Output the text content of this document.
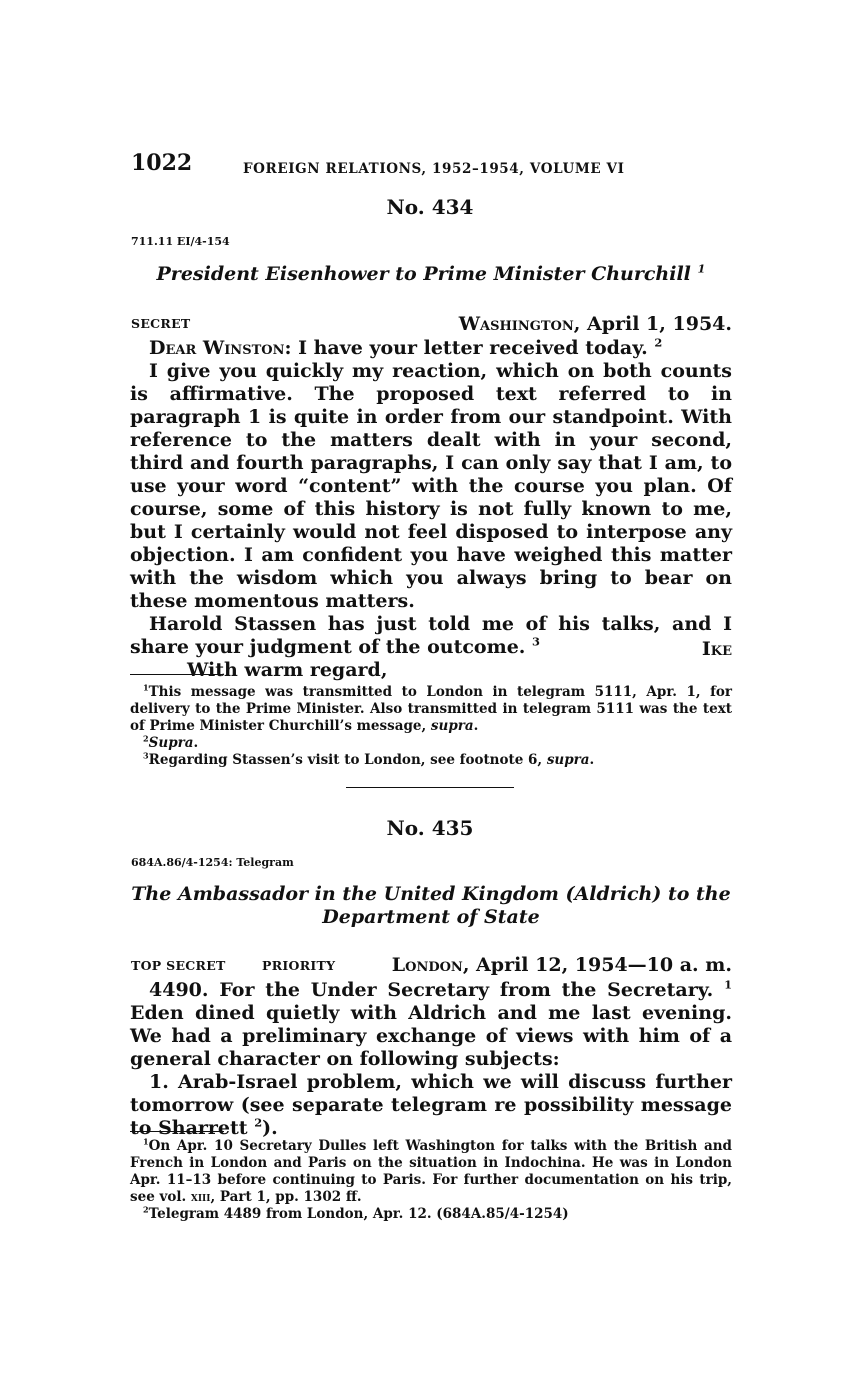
1022	FOREIGN RELATIONS, 1952–1954, VOLUME VI
No. 434
711.11 EI/4-154
President Eisenhower to Prime Minister Churchill $^1$
SECRET	Washington, April 1, 1954.

Dear Winston: I have your letter received today. $^2$

I give you quickly my reaction, which on both counts is affirmative. The proposed text referred to in paragraph 1 is quite in order from our standpoint. With reference to the matters dealt with in your second, third and fourth paragraphs, I can only say that I am, to use your word “content” with the course you plan. Of course, some of this history is not fully known to me, but I certainly would not feel disposed to interpose any objection. I am confident you have weighed this matter with the wisdom which you always bring to bear on these momentous matters.

Harold Stassen has just told me of his talks, and I share your judgment of the outcome. $^3$

With warm regard,

Ike

$^1$This message was transmitted to London in telegram 5111, Apr. 1, for delivery to the Prime Minister. Also transmitted in telegram 5111 was the text of Prime Minister Churchill’s message, supra.

$^2$Supra.

$^3$Regarding Stassen’s visit to London, see footnote 6, supra.

No. 435
684A.86/4-1254: Telegram
The Ambassador in the United Kingdom (Aldrich) to the
Department of State
TOP SECRET	PRIORITY	London, April 12, 1954—10 a. m.

4490. For the Under Secretary from the Secretary. $^1$ Eden dined quietly with Aldrich and me last evening. We had a preliminary exchange of views with him of a general character on following subjects:

1. Arab-Israel problem, which we will discuss further tomorrow (see separate telegram re possibility message to Sharrett $^2$).

$^1$On Apr. 10 Secretary Dulles left Washington for talks with the British and French in London and Paris on the situation in Indochina. He was in London Apr. 11–13 before continuing to Paris. For further documentation on his trip, see vol. xiii, Part 1, pp. 1302 ff.

$^2$Telegram 4489 from London, Apr. 12. (684A.85/4-1254)
